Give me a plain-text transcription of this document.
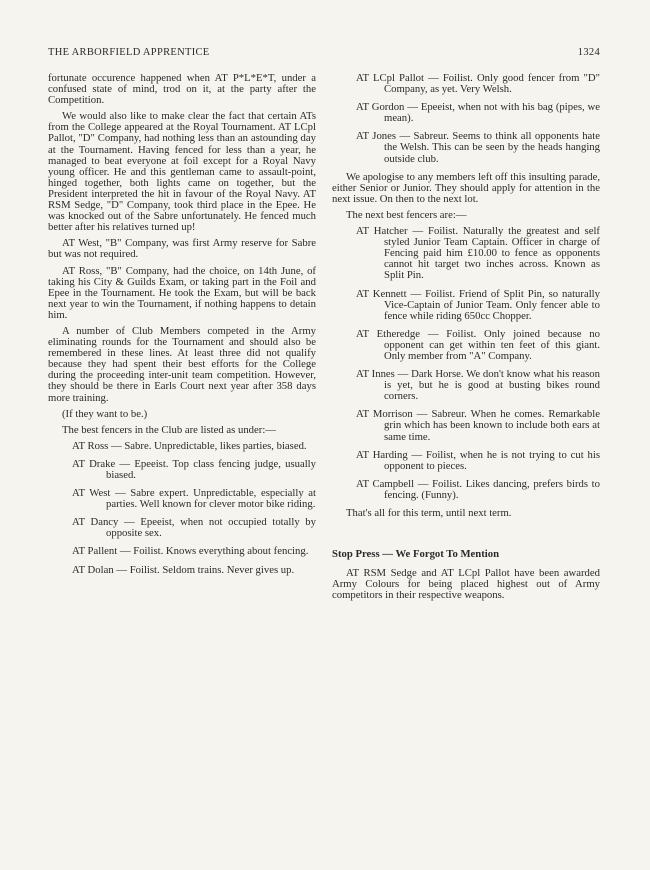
THE ARBORFIELD APPRENTICE	1324

fortunate occurence happened when AT P*L*E*T, under a confused state of mind, trod on it, at the party after the Competition.

We would also like to make clear the fact that certain ATs from the College appeared at the Royal Tournament. AT LCpl Pallot, "D" Company, had nothing less than an astounding day at the Tournament. Having fenced for less than a year, he managed to beat everyone at foil except for a Royal Navy young officer. He and this gentleman came to assault-point, hinged together, both lights came on together, but the President interpreted the hit in favour of the Royal Navy. AT RSM Sedge, "D" Company, took third place in the Epee. He was knocked out of the Sabre unfortunately. He fenced much better after his relatives turned up!

AT West, "B" Company, was first Army reserve for Sabre but was not required.

AT Ross, "B" Company, had the choice, on 14th June, of taking his City & Guilds Exam, or taking part in the Foil and Epee in the Tournament. He took the Exam, but will be back next year to win the Tournament, if nothing happens to detain him.

A number of Club Members competed in the Army eliminating rounds for the Tournament and should also be remembered in these lines. At least three did not qualify because they had spent their best efforts for the College during the proceeding inter-unit team competition. However, they should be there in Earls Court next year after 358 days more training.

(If they want to be.)

The best fencers in the Club are listed as under:—

AT Ross — Sabre. Unpredictable, likes parties, biased.
AT Drake — Epeeist. Top class fencing judge, usually biased.
AT West — Sabre expert. Unpredictable, especially at parties. Well known for clever motor bike riding.
AT Dancy — Epeeist, when not occupied totally by opposite sex.
AT Pallent — Foilist. Knows everything about fencing.
AT Dolan — Foilist. Seldom trains. Never gives up.
AT LCpl Pallot — Foilist. Only good fencer from "D" Company, as yet. Very Welsh.
AT Gordon — Epeeist, when not with his bag (pipes, we mean).
AT Jones — Sabreur. Seems to think all opponents hate the Welsh. This can be seen by the heads hanging outside club.

We apologise to any members left off this insulting parade, either Senior or Junior. They should apply for attention in the next issue. On then to the next lot.

The next best fencers are:—

AT Hatcher — Foilist. Naturally the greatest and self styled Junior Team Captain. Officer in charge of Fencing paid him £10.00 to fence as opponents cannot hit target two inches across. Known as Split Pin.
AT Kennett — Foilist. Friend of Split Pin, so naturally Vice-Captain of Junior Team. Only fencer able to fence while riding 650cc Chopper.
AT Etheredge — Foilist. Only joined because no opponent can get within ten feet of this giant. Only member from "A" Company.
AT Innes — Dark Horse. We don't know what his reason is yet, but he is good at busting bikes round corners.
AT Morrison — Sabreur. When he comes. Remarkable grin which has been known to include both ears at same time.
AT Harding — Foilist, when he is not trying to cut his opponent to pieces.
AT Campbell — Foilist. Likes dancing, prefers birds to fencing. (Funny).

That's all for this term, until next term.

Stop Press — We Forgot To Mention

AT RSM Sedge and AT LCpl Pallot have been awarded Army Colours for being placed highest out of Army competitors in their respective weapons.
